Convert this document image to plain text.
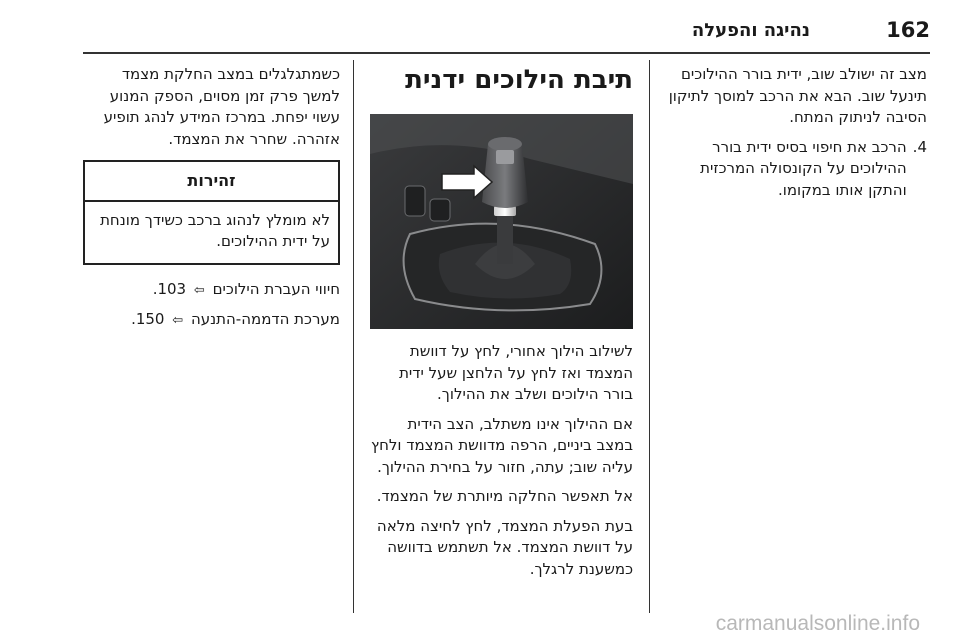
162
נהיגה והפעלה

מצב זה ישולב שוב, ידית בורר ההילוכים תינעל שוב. הבא את הרכב למוסך לתיקון הסיבה לניתוק המתח.

4.
הרכב את חיפוי בסיס ידית בורר ההילוכים על הקונסולה המרכזית והתקן אותו במקומו.
תיבת הילוכים ידנית

לשילוב הילוך אחורי, לחץ על דוושת המצמד ואז לחץ על הלחצן שעל ידית בורר הילוכים ושלב את ההילוך.

אם ההילוך אינו משתלב, הצב הידית במצב ביניים, הרפה מדוושת המצמד ולחץ עליה שוב; עתה, חזור על בחירת ההילוך.

אל תאפשר החלקה מיותרת של המצמד.

בעת הפעלת המצמד, לחץ לחיצה מלאה על דוושת המצמד. אל תשתמש בדוושה כמשענת לרגלך.

כשמתגלגלים במצב החלקת מצמד למשך פרק זמן מסוים, הספק המנוע עשוי יפחת. במרכז המידע לנהג תופיע אזהרה. שחרר את המצמד.

זהירות
לא מומלץ לנהוג ברכב כשידך מונחת על ידית ההילוכים.
חיווי העברת הילוכים ⇦ 103.
מערכת הדממה-התנעה ⇦ 150.
carmanualsonline.info
